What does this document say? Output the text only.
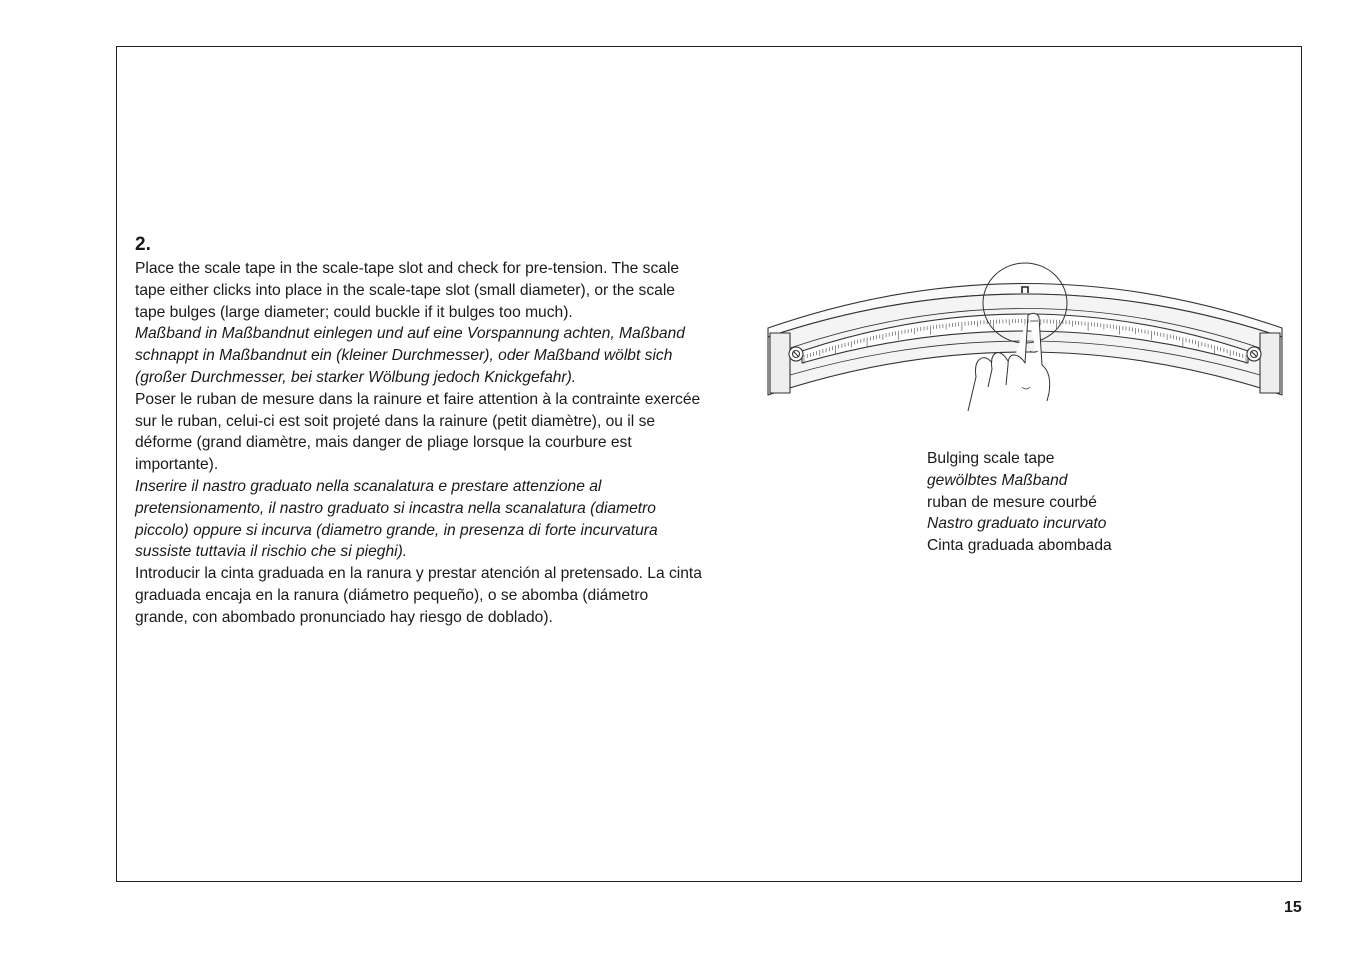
2.

Place the scale tape in the scale-tape slot and check for pre-tension. The scale tape either clicks into place in the scale-tape slot (small diameter), or the scale tape bulges (large diameter; could buckle if it bulges too much).

Maßband in Maßbandnut einlegen und auf eine Vorspannung achten, Maßband schnappt in Maßbandnut ein (kleiner Durchmesser), oder Maßband wölbt sich (großer Durchmesser, bei starker Wölbung jedoch Knickgefahr).

Poser le ruban de mesure dans la rainure et faire attention à la contrainte exercée sur le ruban, celui-ci est soit projeté dans la rainure (petit diamètre), ou il se déforme (grand diamètre, mais danger de pliage lorsque la courbure est importante).

Inserire il nastro graduato nella scanalatura e prestare attenzione al pretensionamento, il nastro graduato si incastra nella scanalatura (diametro piccolo) oppure si incurva (diametro grande, in presenza di forte incurvatura sussiste tuttavia il rischio che si pieghi).

Introducir la cinta graduada en la ranura y prestar atención al pretensado. La cinta graduada encaja en la ranura (diámetro pequeño), o se abomba (diámetro grande, con abombado pronunciado hay riesgo de doblado).

Bulging scale tape
gewölbtes Maßband
ruban de mesure courbé
Nastro graduato incurvato
Cinta graduada abombada
15
